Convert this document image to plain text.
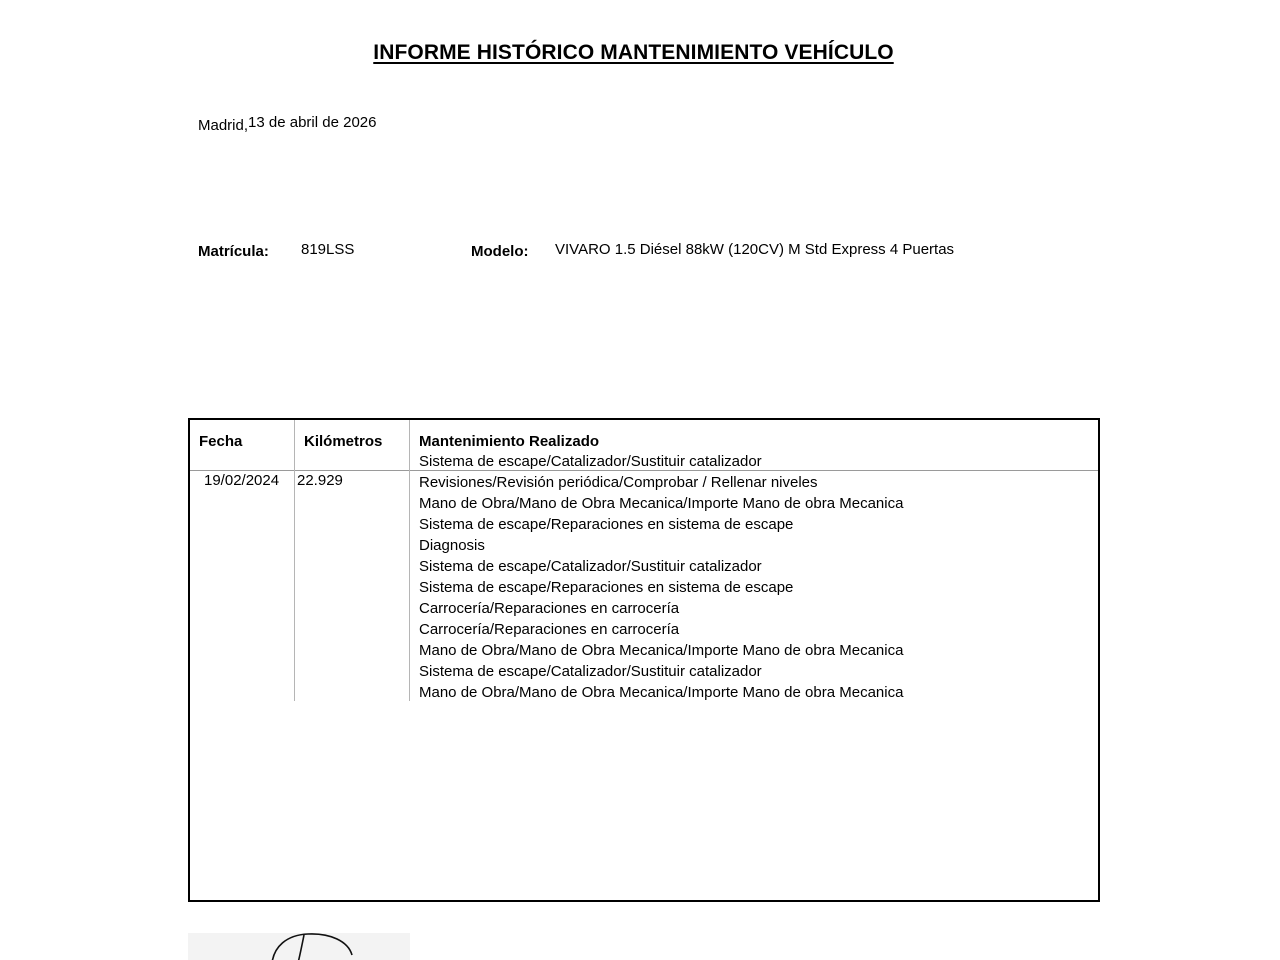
INFORME HISTÓRICO MANTENIMIENTO VEHÍCULO
Madrid,13 de abril de 2026
Matrícula: 819LSS	Modelo: VIVARO 1.5 Diésel 88kW (120CV) M Std Express 4 Puertas
Fecha	Kilómetros Mantenimiento Realizado
19/02/2024 22.929
Sistema de escape/Catalizador/Sustituir catalizador
Revisiones/Revisión periódica/Comprobar / Rellenar niveles
Mano de Obra/Mano de Obra Mecanica/Importe Mano de obra Mecanica
Sistema de escape/Reparaciones en sistema de escape
Diagnosis
Sistema de escape/Catalizador/Sustituir catalizador
Sistema de escape/Reparaciones en sistema de escape
Carrocería/Reparaciones en carrocería
Carrocería/Reparaciones en carrocería
Mano de Obra/Mano de Obra Mecanica/Importe Mano de obra Mecanica
Sistema de escape/Catalizador/Sustituir catalizador
Mano de Obra/Mano de Obra Mecanica/Importe Mano de obra Mecanica
